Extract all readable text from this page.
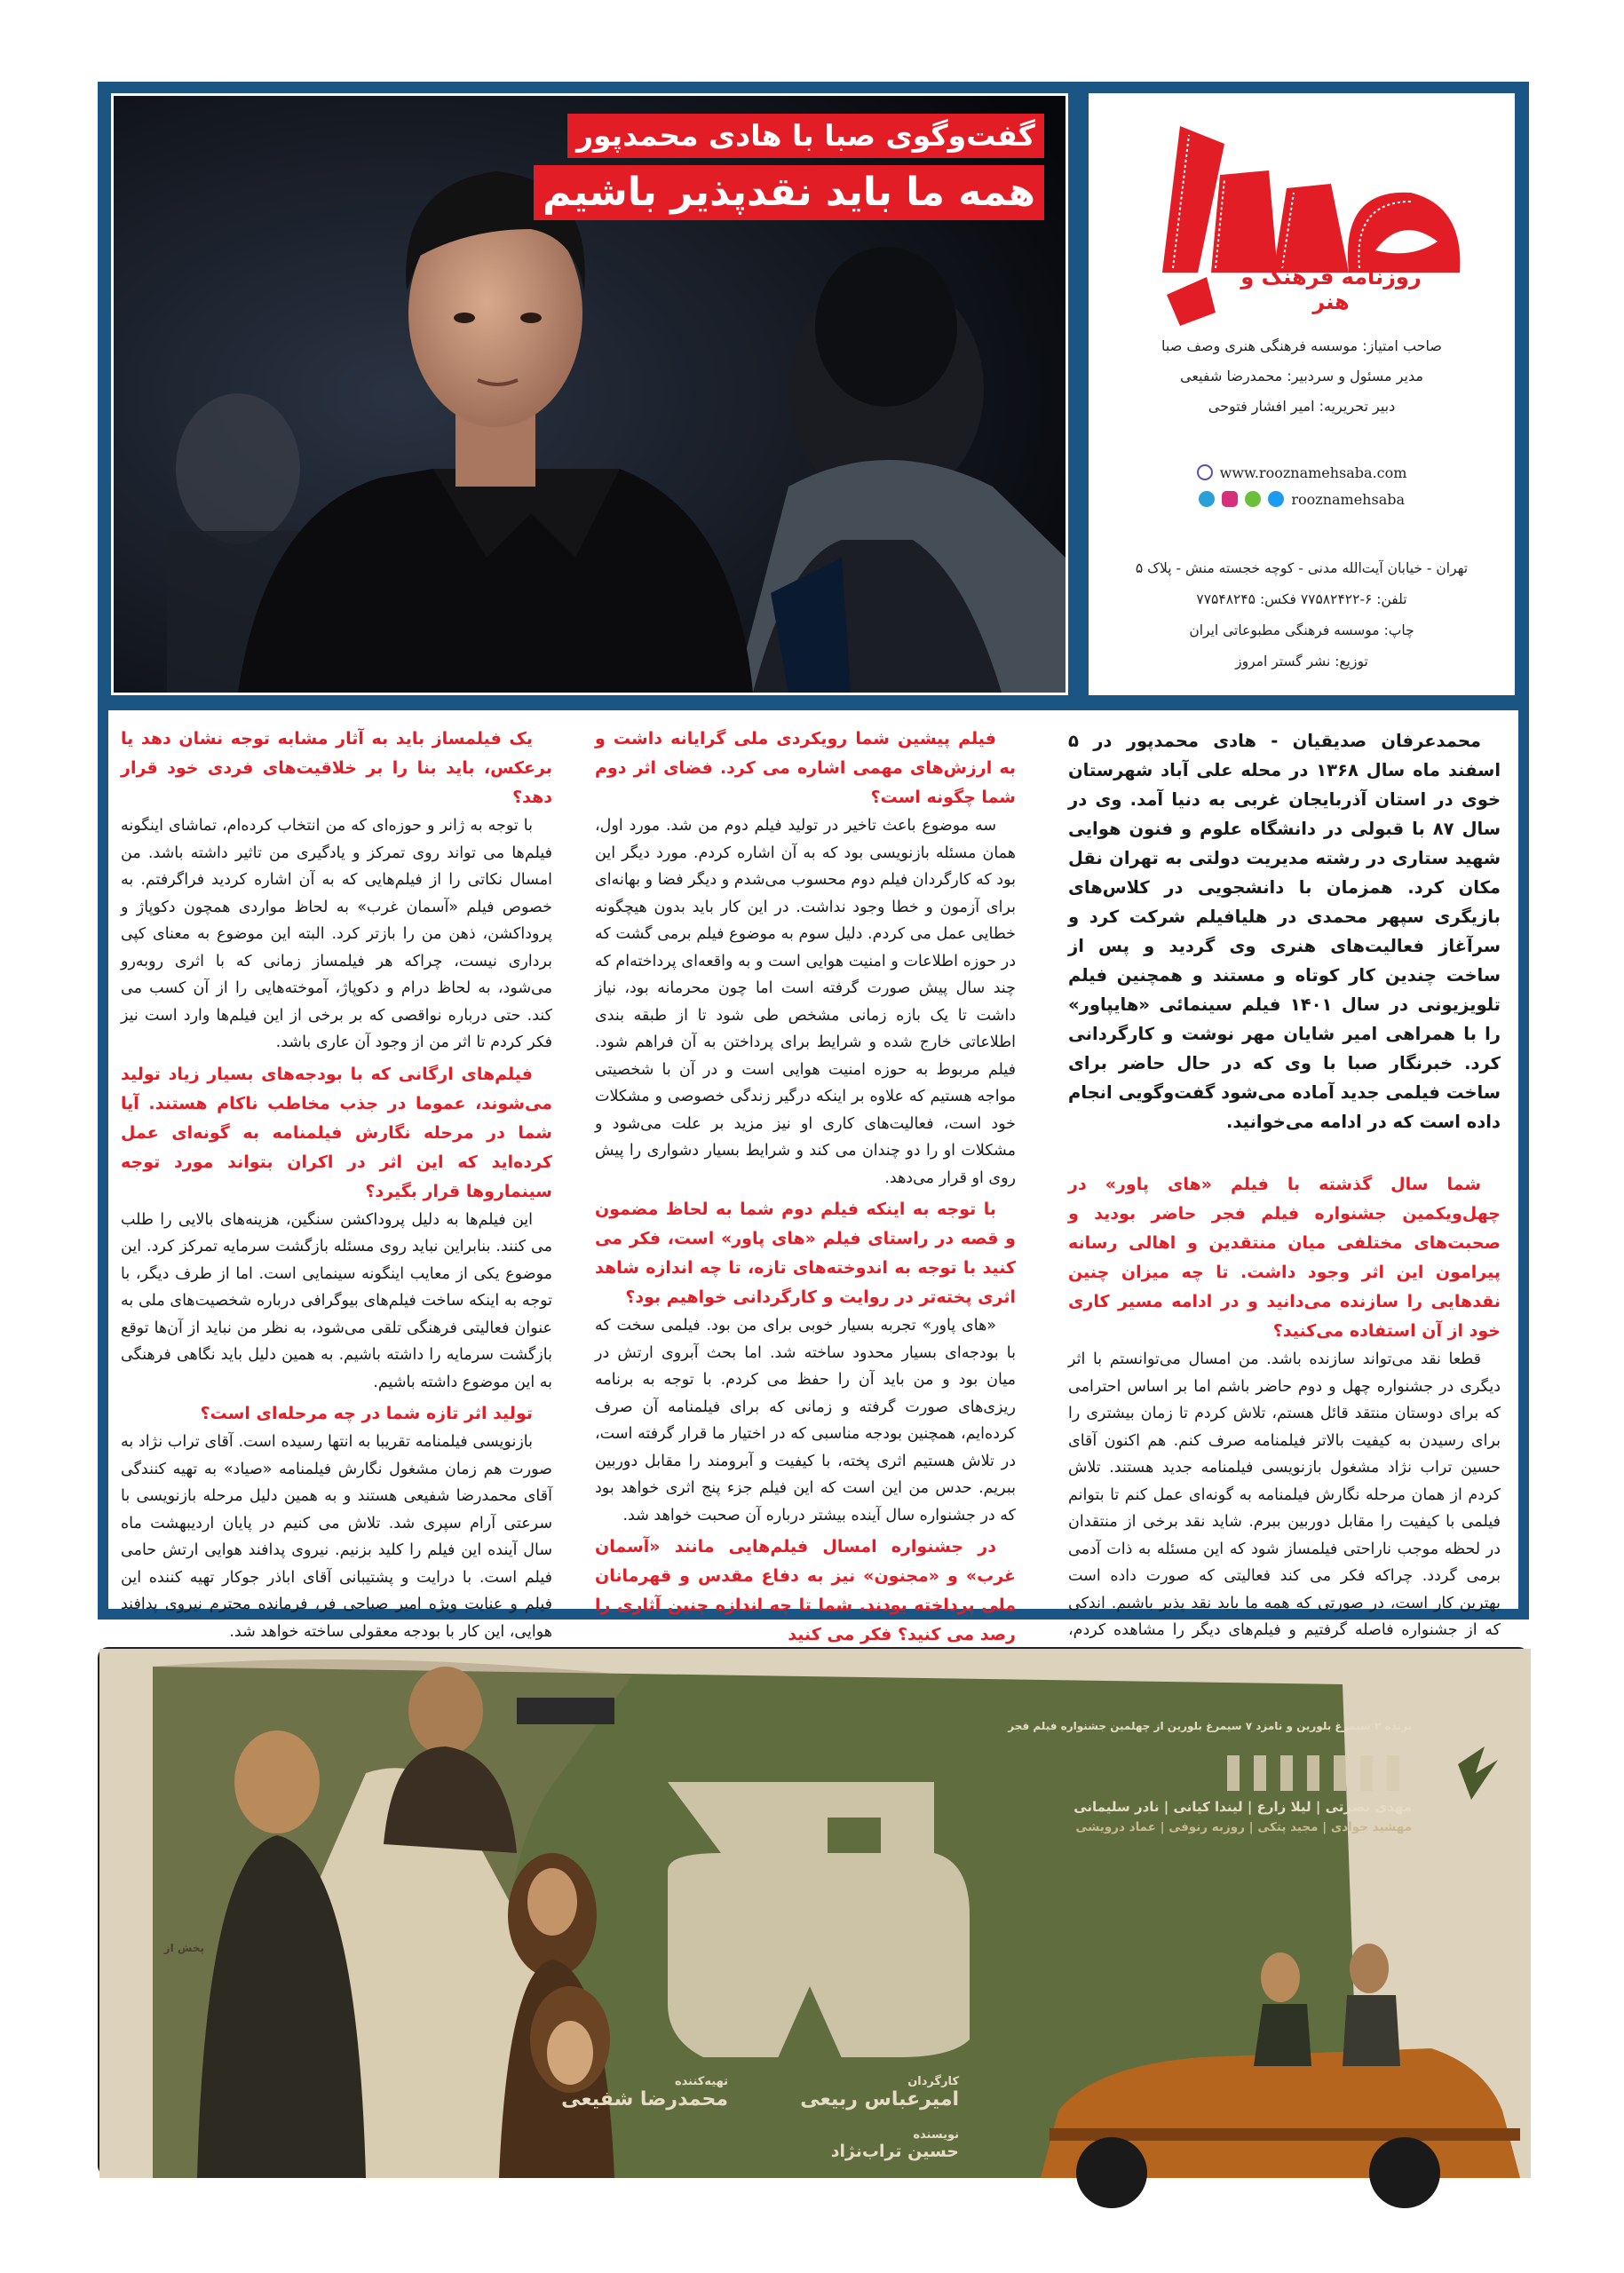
گفت‌وگوی صبا با هادی محمدپور
همه ما باید نقدپذیر باشیم
روزنامه فرهنگ و هنر
صاحب امتیاز: موسسه فرهنگی هنری وصف صبا
مدیر مسئول و سردبیر: محمدرضا شفیعی
دبیر تحریریه: امیر افشار فتوحی
www.rooznamehsaba.com
rooznamehsaba
تهران - خیابان آیت‌الله مدنی - کوچه خجسته منش - پلاک ۵
تلفن: ۶-۷۷۵۸۲۴۲۲ فکس: ۷۷۵۴۸۲۴۵
چاپ: موسسه فرهنگی مطبوعاتی ایران
توزیع: نشر گستر امروز

محمدعرفان صدیقیان - هادی محمدپور در ۵ اسفند ماه سال ۱۳۶۸ در محله علی آباد شهرستان خوی در استان آذربایجان غربی به دنیا آمد. وی در سال ۸۷ با قبولی در دانشگاه علوم و فنون هوایی شهید ستاری در رشته مدیریت دولتی به تهران نقل مکان کرد. همزمان با دانشجویی در کلاس‌های بازیگری سپهر محمدی در هلیافیلم شرکت کرد و سرآغاز فعالیت‌های هنری وی گردید و پس از ساخت چندین کار کوتاه و مستند و همچنین فیلم تلویزیونی در سال ۱۴۰۱ فیلم سینمائی «هایپاور» را با همراهی امیر شایان مهر نوشت و کارگردانی کرد. خبرنگار صبا با وی که در حال حاضر برای ساخت فیلمی جدید آماده می‌شود گفت‌وگویی انجام داده است که در ادامه می‌خوانید.

شما سال گذشته با فیلم «های پاور» در چهل‌ویکمین جشنواره فیلم فجر حاضر بودید و صحبت‌های مختلفی میان منتقدین و اهالی رسانه پیرامون این اثر وجود داشت. تا چه میزان چنین نقدهایی را سازنده می‌دانید و در ادامه مسیر کاری خود از آن استفاده می‌کنید؟

قطعا نقد می‌تواند سازنده باشد. من امسال می‌توانستم با اثر دیگری در جشنواره چهل و دوم حاضر باشم اما بر اساس احترامی که برای دوستان منتقد قائل هستم، تلاش کردم تا زمان بیشتری را برای رسیدن به کیفیت بالاتر فیلمنامه صرف کنم. هم اکنون آقای حسین تراب نژاد مشغول بازنویسی فیلمنامه جدید هستند. تلاش کردم از همان مرحله نگارش فیلمنامه به گونه‌ای عمل کنم تا بتوانم فیلمی با کیفیت را مقابل دوربین ببرم. شاید نقد برخی از منتقدان در لحظه موجب ناراحتی فیلمساز شود که این مسئله به ذات آدمی برمی گردد. چراکه فکر می کند فعالیتی که صورت داده است بهترین کار است، در صورتی که همه ما باید نقد پذیر باشیم. اندکی که از جشنواره فاصله گرفتیم و فیلم‌های دیگر را مشاهده کردم،

فیلم پیشین شما رویکردی ملی گرایانه داشت و به ارزش‌های مهمی اشاره می کرد. فضای اثر دوم شما چگونه است؟

سه موضوع باعث تاخیر در تولید فیلم دوم من شد. مورد اول، همان مسئله بازنویسی بود که به آن اشاره کردم. مورد دیگر این بود که کارگردان فیلم دوم محسوب می‌شدم و دیگر فضا و بهانه‌ای برای آزمون و خطا وجود نداشت. در این کار باید بدون هیچگونه خطایی عمل می کردم. دلیل سوم به موضوع فیلم برمی گشت که در حوزه اطلاعات و امنیت هوایی است و به واقعه‌ای پرداخته‌ام که چند سال پیش صورت گرفته است اما چون محرمانه بود، نیاز داشت تا یک بازه زمانی مشخص طی شود تا از طبقه بندی اطلاعاتی خارج شده و شرایط برای پرداختن به آن فراهم شود. فیلم مربوط به حوزه امنیت هوایی است و در آن با شخصیتی مواجه هستیم که علاوه بر اینکه درگیر زندگی خصوصی و مشکلات خود است، فعالیت‌های کاری او نیز مزید بر علت می‌شود و مشکلات او را دو چندان می کند و شرایط بسیار دشواری را پیش روی او قرار می‌دهد.

با توجه به اینکه فیلم دوم شما به لحاظ مضمون و قصه در راستای فیلم «های پاور» است، فکر می کنید با توجه به اندوخته‌های تازه، تا چه اندازه شاهد اثری پخته‌تر در روایت و کارگردانی خواهیم بود؟

«های پاور» تجربه بسیار خوبی برای من بود. فیلمی سخت که با بودجه‌ای بسیار محدود ساخته شد. اما بحث آبروی ارتش در میان بود و من باید آن را حفظ می کردم. با توجه به برنامه ریزی‌های صورت گرفته و زمانی که برای فیلمنامه آن صرف کرده‌ایم، همچنین بودجه مناسبی که در اختیار ما قرار گرفته است، در تلاش هستیم اثری پخته، با کیفیت و آبرومند را مقابل دوربین ببریم. حدس من این است که این فیلم جزء پنج اثری خواهد بود که در جشنواره سال آینده بیشتر درباره آن صحبت خواهد شد.

در جشنواره امسال فیلم‌هایی مانند «آسمان غرب» و «مجنون» نیز به دفاع مقدس و قهرمانان ملی پرداخته بودند. شما تا چه اندازه چنین آثاری را رصد می کنید؟ فکر می کنید

یک فیلمساز باید به آثار مشابه توجه نشان دهد یا برعکس، باید بنا را بر خلاقیت‌های فردی خود قرار دهد؟

با توجه به ژانر و حوزه‌ای که من انتخاب کرده‌ام، تماشای اینگونه فیلم‌ها می تواند روی تمرکز و یادگیری من تاثیر داشته باشد. من امسال نکاتی را از فیلم‌هایی که به آن اشاره کردید فراگرفتم. به خصوص فیلم «آسمان غرب» به لحاظ مواردی همچون دکوپاژ و پروداکشن، ذهن من را بازتر کرد. البته این موضوع به معنای کپی برداری نیست، چراکه هر فیلمساز زمانی که با اثری روبه‌رو می‌شود، به لحاظ درام و دکوپاژ، آموخته‌هایی را از آن کسب می کند. حتی درباره نواقصی که بر برخی از این فیلم‌ها وارد است نیز فکر کردم تا اثر من از وجود آن عاری باشد.

فیلم‌های ارگانی که با بودجه‌های بسیار زیاد تولید می‌شوند، عموما در جذب مخاطب ناکام هستند. آیا شما در مرحله نگارش فیلمنامه به گونه‌ای عمل کرده‌اید که این اثر در اکران بتواند مورد توجه سینماروها قرار بگیرد؟

این فیلم‌ها به دلیل پروداکشن سنگین، هزینه‌های بالایی را طلب می کنند. بنابراین نباید روی مسئله بازگشت سرمایه تمرکز کرد. این موضوع یکی از معایب اینگونه سینمایی است. اما از طرف دیگر، با توجه به اینکه ساخت فیلم‌های بیوگرافی درباره شخصیت‌های ملی به عنوان فعالیتی فرهنگی تلقی می‌شود، به نظر من نباید از آن‌ها توقع بازگشت سرمایه را داشته باشیم. به همین دلیل باید نگاهی فرهنگی به این موضوع داشته باشیم.

تولید اثر تازه شما در چه مرحله‌ای است؟

بازنویسی فیلمنامه تقریبا به انتها رسیده است. آقای تراب نژاد به صورت هم زمان مشغول نگارش فیلمنامه «صیاد» به تهیه کنندگی آقای محمدرضا شفیعی هستند و به همین دلیل مرحله بازنویسی با سرعتی آرام سپری شد. تلاش می کنیم در پایان اردیبهشت ماه سال آینده این فیلم را کلید بزنیم. نیروی پدافند هوایی ارتش حامی فیلم است. با درایت و پشتیبانی آقای اباذر جوکار تهیه کننده این فیلم و عنایت ویژه امیر صباحی فر، فرمانده محترم نیروی پدافند هوایی، این کار با بودجه معقولی ساخته خواهد شد.

برنده ۲ سیمرغ بلورین و نامزد ۷ سیمرغ بلورین از چهلمین جشنواره فیلم فجر
مهدی نصرتی | لیلا زارع | لیندا کیانی | نادر سلیمانی
مهشید جوادی | مجید پتکی | روزبه رنوفی | عماد درویشی
پخش از
کارگردان
امیرعباس ربیعی
نویسنده
حسین تراب‌نژاد
تهیه‌کننده
محمدرضا شفیعی
